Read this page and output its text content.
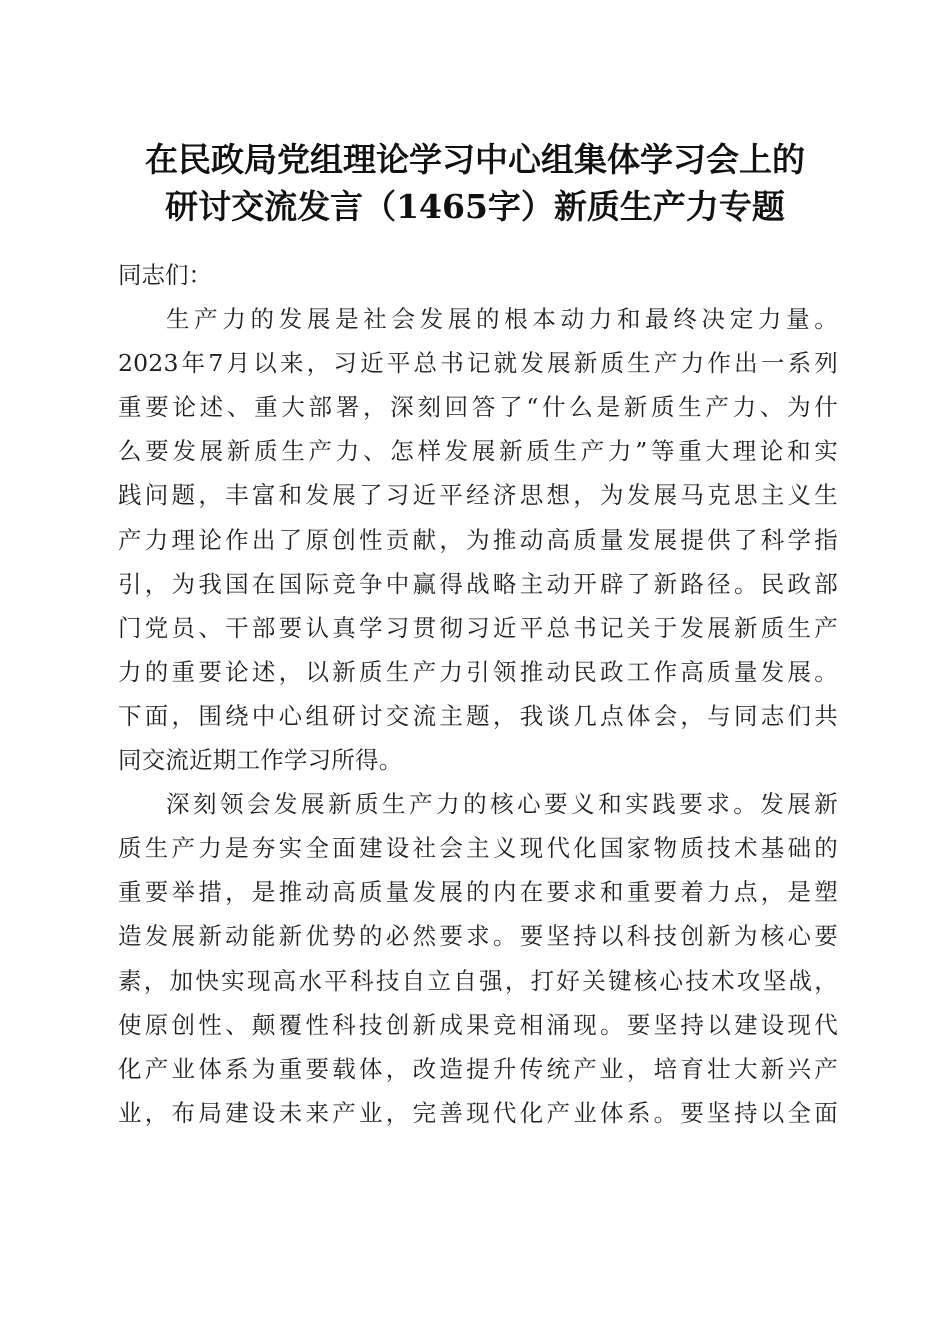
在民政局党组理论学习中心组集体学习会上的
研讨交流发言（1465字）新质生产力专题
同志们：
生产力的发展是社会发展的根本动力和最终决定力量。
2023年7月以来，习近平总书记就发展新质生产力作出一系列
重要论述、重大部署，深刻回答了“什么是新质生产力、为什
么要发展新质生产力、怎样发展新质生产力”等重大理论和实
践问题，丰富和发展了习近平经济思想，为发展马克思主义生
产力理论作出了原创性贡献，为推动高质量发展提供了科学指
引，为我国在国际竞争中赢得战略主动开辟了新路径。民政部
门党员、干部要认真学习贯彻习近平总书记关于发展新质生产
力的重要论述，以新质生产力引领推动民政工作高质量发展。
下面，围绕中心组研讨交流主题，我谈几点体会，与同志们共
同交流近期工作学习所得。
深刻领会发展新质生产力的核心要义和实践要求。发展新
质生产力是夯实全面建设社会主义现代化国家物质技术基础的
重要举措，是推动高质量发展的内在要求和重要着力点，是塑
造发展新动能新优势的必然要求。要坚持以科技创新为核心要
素，加快实现高水平科技自立自强，打好关键核心技术攻坚战，
使原创性、颠覆性科技创新成果竞相涌现。要坚持以建设现代
化产业体系为重要载体，改造提升传统产业，培育壮大新兴产
业，布局建设未来产业，完善现代化产业体系。要坚持以全面
